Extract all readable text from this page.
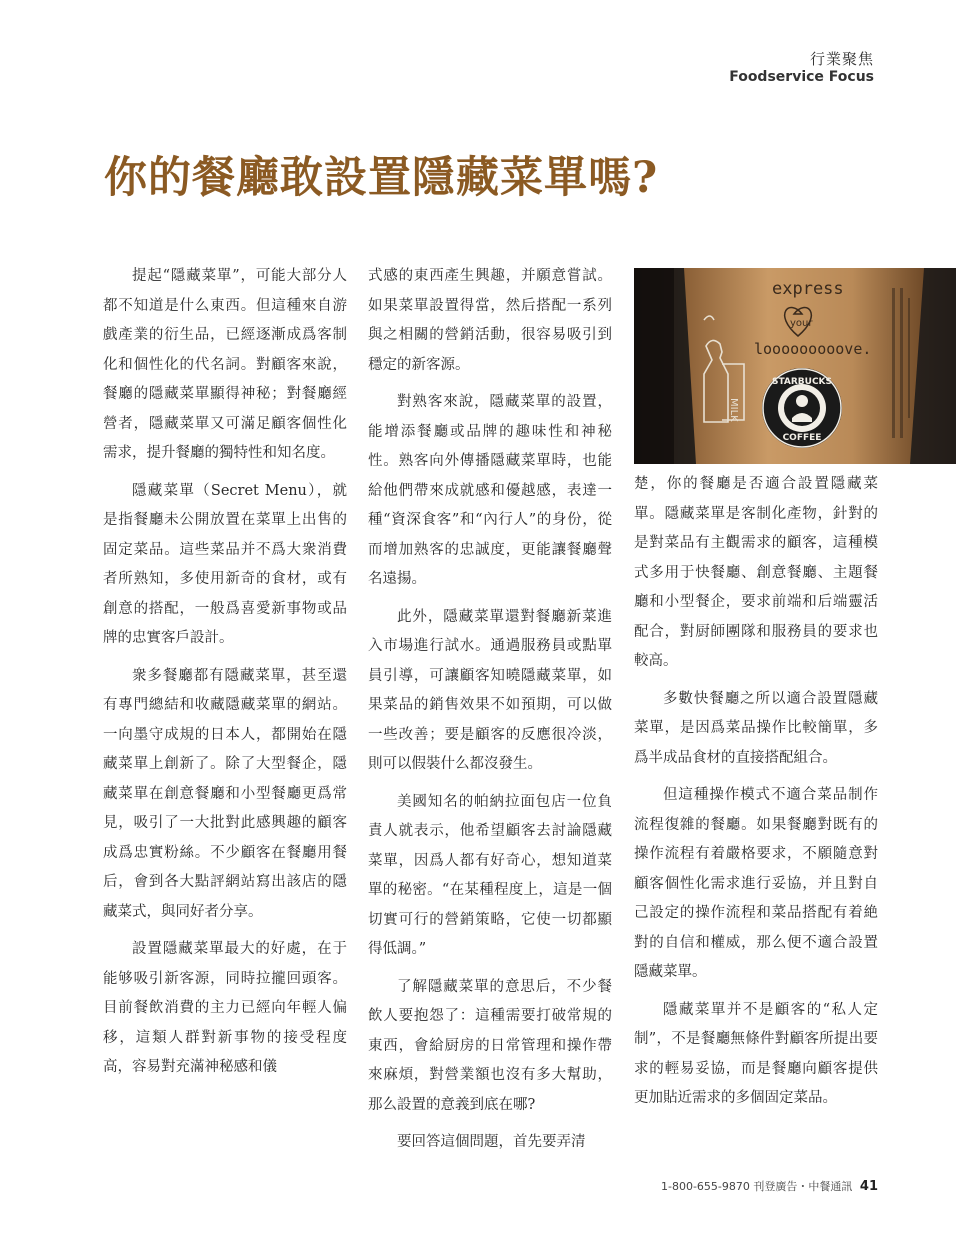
行業聚焦
Foodservice Focus
你的餐廳敢設置隱藏菜單嗎?

提起“隱藏菜單”，可能大部分人都不知道是什么東西。但這種來自游戲產業的衍生品，已經逐漸成爲客制化和個性化的代名詞。對顧客來說，餐廳的隱藏菜單顯得神秘；對餐廳經營者，隱藏菜單又可滿足顧客個性化需求，提升餐廳的獨特性和知名度。

隱藏菜單（Secret Menu），就是指餐廳未公開放置在菜單上出售的固定菜品。這些菜品并不爲大衆消費者所熟知，多使用新奇的食材，或有創意的搭配，一般爲喜愛新事物或品牌的忠實客戶設計。

衆多餐廳都有隱藏菜單，甚至還有專門總結和收藏隱藏菜單的網站。一向墨守成規的日本人，都開始在隱藏菜單上創新了。除了大型餐企，隱藏菜單在創意餐廳和小型餐廳更爲常見，吸引了一大批對此感興趣的顧客成爲忠實粉絲。不少顧客在餐廳用餐后，會到各大點評網站寫出該店的隱藏菜式，與同好者分享。

設置隱藏菜單最大的好處，在于能够吸引新客源，同時拉攏回頭客。目前餐飲消費的主力已經向年輕人偏移，這類人群對新事物的接受程度高，容易對充滿神秘感和儀

式感的東西產生興趣，并願意嘗試。如果菜單設置得當，然后搭配一系列與之相關的營銷活動，很容易吸引到穩定的新客源。

對熟客來說，隱藏菜單的設置，能增添餐廳或品牌的趣味性和神秘性。熟客向外傳播隱藏菜單時，也能給他們帶來成就感和優越感，表達一種“資深食客”和“內行人”的身份，從而增加熟客的忠誠度，更能讓餐廳聲名遠揚。

此外，隱藏菜單還對餐廳新菜進入市場進行試水。通過服務員或點單員引導，可讓顧客知曉隱藏菜單，如果菜品的銷售效果不如預期，可以做一些改善；要是顧客的反應很冷淡，則可以假裝什么都沒發生。

美國知名的帕納拉面包店一位負責人就表示，他希望顧客去討論隱藏菜單，因爲人都有好奇心，想知道菜單的秘密。“在某種程度上，這是一個切實可行的營銷策略，它使一切都顯得低調。”

了解隱藏菜單的意思后，不少餐飲人要抱怨了：這種需要打破常規的東西，會給厨房的日常管理和操作帶來麻煩，對營業額也沒有多大幫助，那么設置的意義到底在哪?

要回答這個問題，首先要弄清

MILK
express
your
looooooooove.
STARBUCKS
COFFEE

楚，你的餐廳是否適合設置隱藏菜單。隱藏菜單是客制化產物，針對的是對菜品有主觀需求的顧客，這種模式多用于快餐廳、創意餐廳、主題餐廳和小型餐企，要求前端和后端靈活配合，對厨師團隊和服務員的要求也較高。

多數快餐廳之所以適合設置隱藏菜單，是因爲菜品操作比較簡單，多爲半成品食材的直接搭配組合。

但這種操作模式不適合菜品制作流程復雜的餐廳。如果餐廳對既有的操作流程有着嚴格要求，不願隨意對顧客個性化需求進行妥協，并且對自己設定的操作流程和菜品搭配有着絶對的自信和權威，那么便不適合設置隱藏菜單。

隱藏菜單并不是顧客的“私人定制”，不是餐廳無條件對顧客所提出要求的輕易妥協，而是餐廳向顧客提供更加貼近需求的多個固定菜品。

1-800-655-9870 刊登廣告・中餐通訊 41
